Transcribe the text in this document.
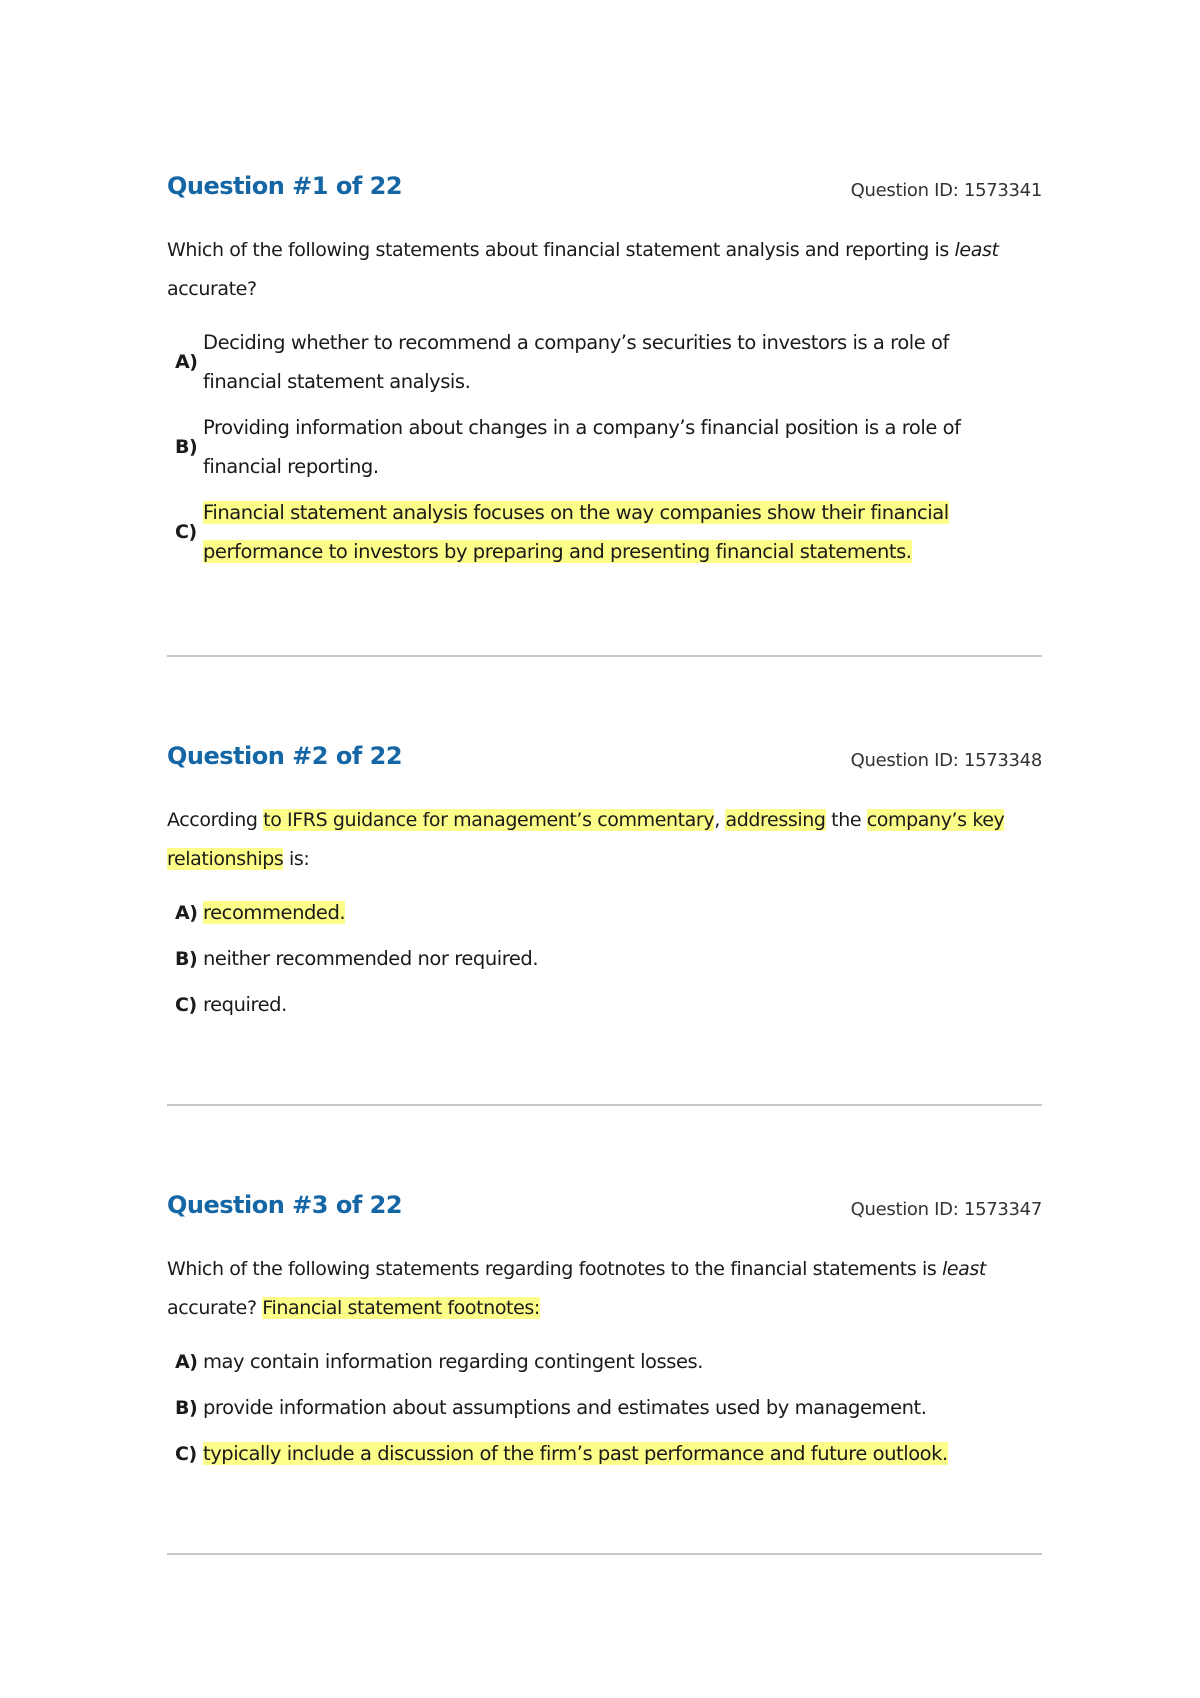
Question #1 of 22	Question ID: 1573341
Which of the following statements about financial statement analysis and reporting is least
accurate?
A)
Deciding whether to recommend a company’s securities to investors is a role of financial statement analysis.
B)
Providing information about changes in a company’s financial position is a role of financial reporting.
C)
Financial statement analysis focuses on the way companies show their financial performance to investors by preparing and presenting financial statements.
Question #2 of 22	Question ID: 1573348
According to IFRS guidance for management’s commentary, addressing the company’s key relationships is:
A) recommended.
B) neither recommended nor required.
C) required.
Question #3 of 22	Question ID: 1573347
Which of the following statements regarding footnotes to the financial statements is least
accurate? Financial statement footnotes:
A) may contain information regarding contingent losses.
B) provide information about assumptions and estimates used by management.
C) typically include a discussion of the firm’s past performance and future outlook.
